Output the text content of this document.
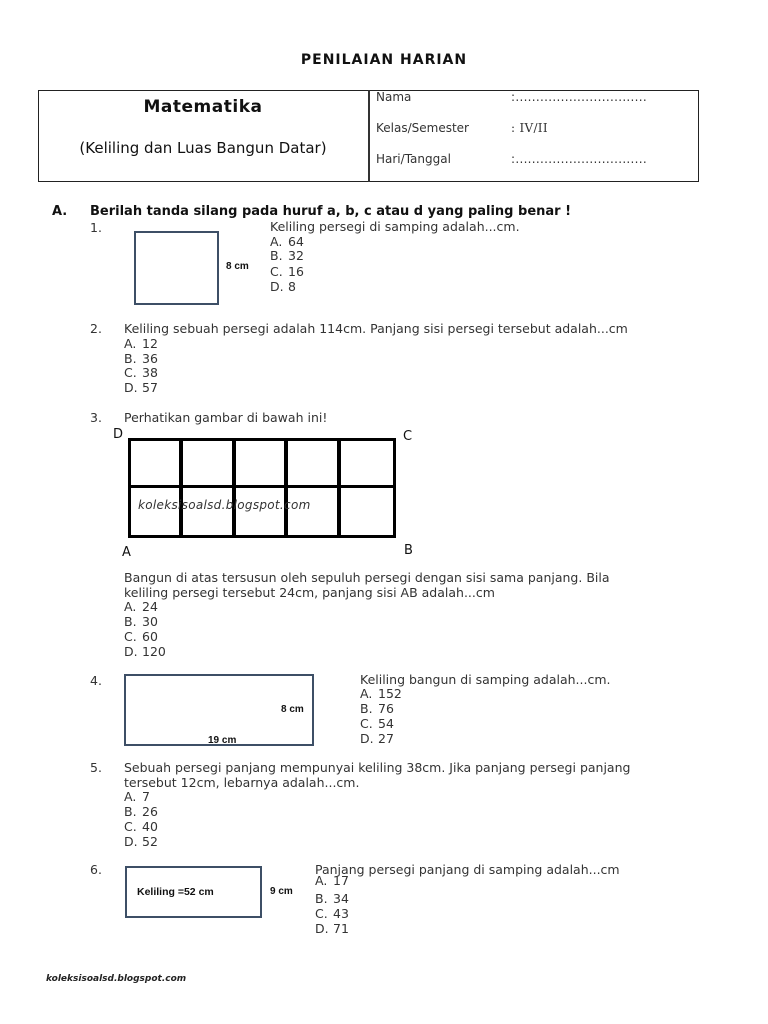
PENILAIAN HARIAN
Matematika
(Keliling dan Luas Bangun Datar)
Nama	:................................
Kelas/Semester	: IV/II
Hari/Tanggal	:................................
A. Berilah tanda silang pada huruf a, b, c atau d yang paling benar !
1.
8 cm
Keliling persegi di samping adalah...cm.
A. 64
B. 32
C. 16
D. 8
2. Keliling sebuah persegi adalah 114cm. Panjang sisi persegi tersebut adalah...cm
A. 12
B. 36
C. 38
D. 57
3. Perhatikan gambar di bawah ini!
D	C
koleksisoalsd.blogspot.com
A	B
Bangun di atas tersusun oleh sepuluh persegi dengan sisi sama panjang. Bila
keliling persegi tersebut 24cm, panjang sisi AB adalah...cm
A. 24
B. 30
C. 60
D. 120
4.
8 cm
19 cm
Keliling bangun di samping adalah...cm.
A. 152
B. 76
C. 54
D. 27
5. Sebuah persegi panjang mempunyai keliling 38cm. Jika panjang persegi panjang
tersebut 12cm, lebarnya adalah...cm.
A. 7
B. 26
C. 40
D. 52
6.
Keliling =52 cm	9 cm
Panjang persegi panjang di samping adalah...cm
A. 17
B. 34
C. 43
D. 71
koleksisoalsd.blogspot.com
